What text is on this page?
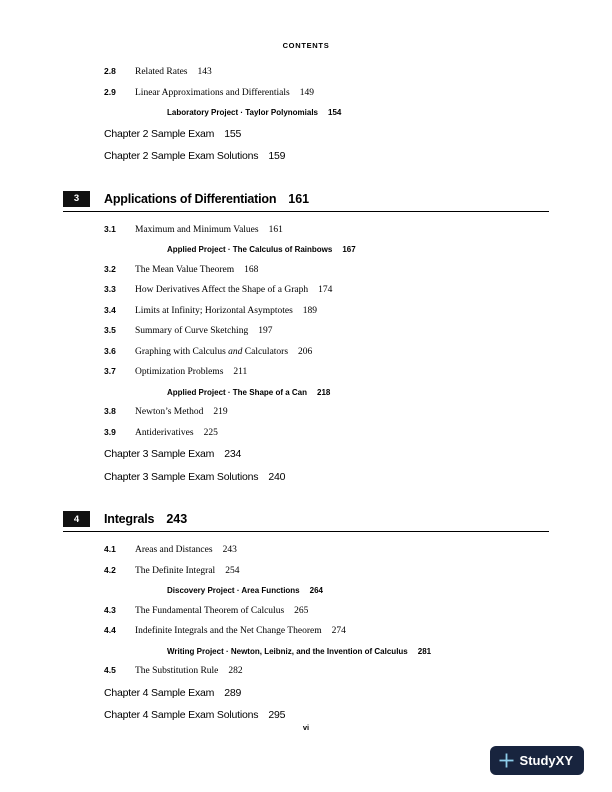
CONTENTS
2.8	Related Rates 143
2.9	Linear Approximations and Differentials 149
Laboratory Project · Taylor Polynomials 154
Chapter 2 Sample Exam 155
Chapter 2 Sample Exam Solutions 159
3	Applications of Differentiation 161
3.1	Maximum and Minimum Values 161
Applied Project · The Calculus of Rainbows 167
3.2	The Mean Value Theorem 168
3.3	How Derivatives Affect the Shape of a Graph 174
3.4	Limits at Infinity; Horizontal Asymptotes 189
3.5	Summary of Curve Sketching 197
3.6	Graphing with Calculus and Calculators 206
3.7	Optimization Problems 211
Applied Project · The Shape of a Can 218
3.8	Newton’s Method 219
3.9	Antiderivatives 225
Chapter 3 Sample Exam 234
Chapter 3 Sample Exam Solutions 240
4	Integrals 243
4.1	Areas and Distances 243
4.2	The Definite Integral 254
Discovery Project · Area Functions 264
4.3	The Fundamental Theorem of Calculus 265
4.4	Indefinite Integrals and the Net Change Theorem 274
Writing Project · Newton, Leibniz, and the Invention of Calculus 281
4.5	The Substitution Rule 282
Chapter 4 Sample Exam 289
Chapter 4 Sample Exam Solutions 295
vi
StudyXY
